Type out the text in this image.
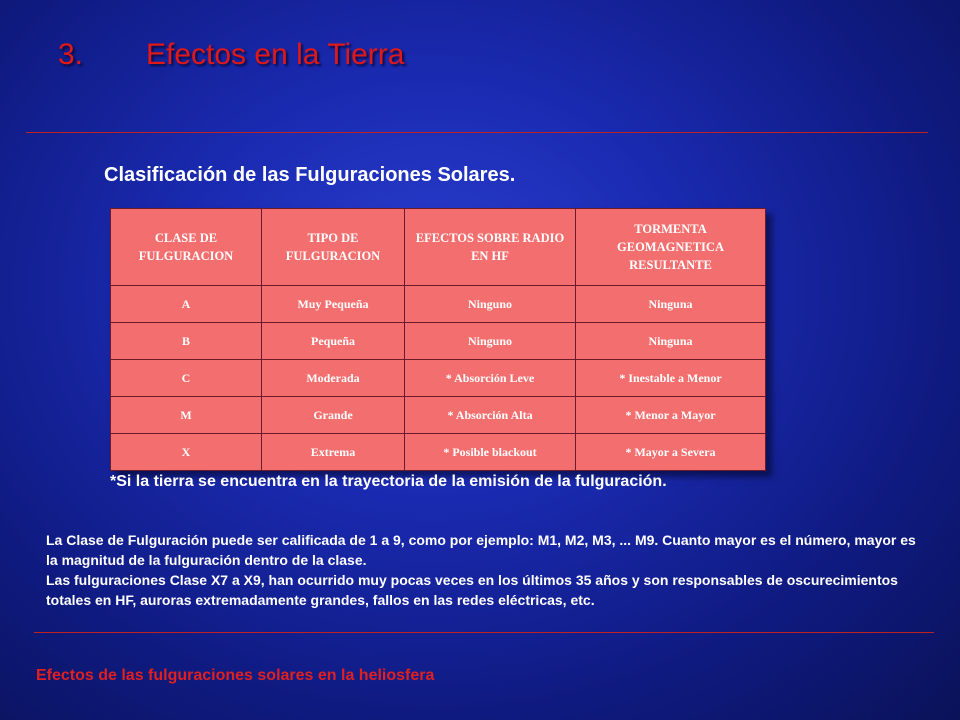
3. Efectos en la Tierra
Clasificación de las Fulguraciones Solares.
CLASE DE FULGURACION	TIPO DE FULGURACION	EFECTOS SOBRE RADIO EN HF	TORMENTA GEOMAGNETICA RESULTANTE
A	Muy Pequeña	Ninguno	Ninguna
B	Pequeña	Ninguno	Ninguna
C	Moderada	* Absorción Leve	* Inestable a Menor
M	Grande	* Absorción Alta	* Menor a Mayor
X	Extrema	* Posible blackout	* Mayor a Severa
*Si la tierra se encuentra en la trayectoria de la emisión de la fulguración.

La Clase de Fulguración puede ser calificada de 1 a 9, como por ejemplo: M1, M2, M3, ... M9. Cuanto mayor es el número, mayor es la magnitud de la fulguración dentro de la clase.

Las fulguraciones Clase X7 a X9, han ocurrido muy pocas veces en los últimos 35 años y son responsables de oscurecimientos totales en HF, auroras extremadamente grandes, fallos en las redes eléctricas, etc.

Efectos de las fulguraciones solares en la heliosfera
